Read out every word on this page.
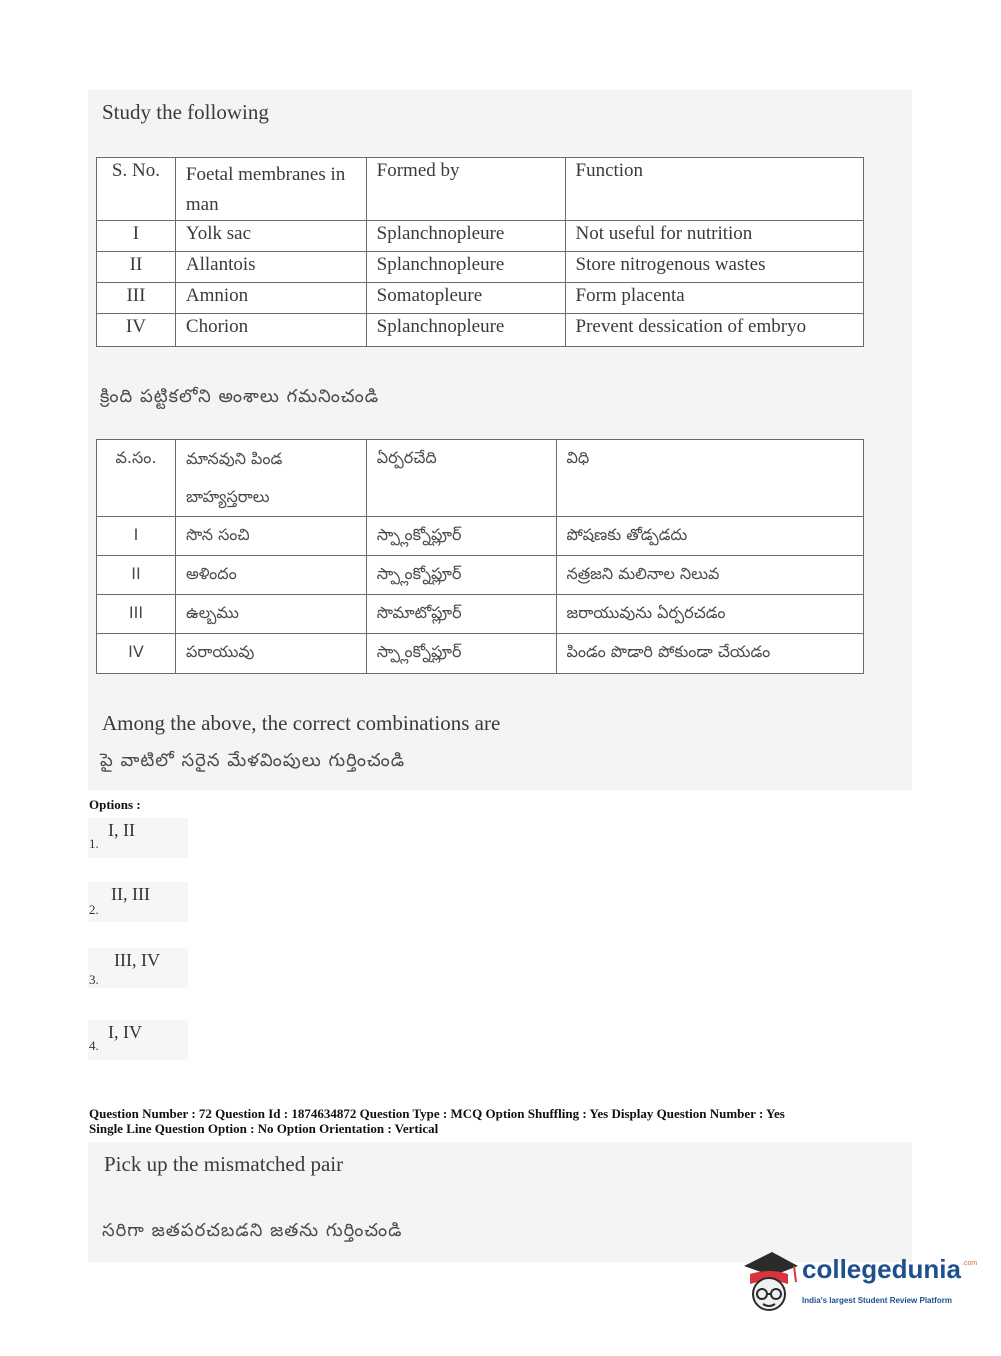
Study the following
S. No.	Foetal membranes in man	Formed by	Function
I	Yolk sac	Splanchnopleure	Not useful for nutrition
II	Allantois	Splanchnopleure	Store nitrogenous wastes
III	Amnion	Somatopleure	Form placenta
IV	Chorion	Splanchnopleure	Prevent dessication of embryo
క్రింది పట్టికలోని అంశాలు గమనించండి
వ.సం.	మానవుని పిండ బాహ్యస్తరాలు	ఏర్పరచేది	విధి
I	సొన సంచి	స్ప్లాంక్నోప్లూర్	పోషణకు తోడ్పడదు
II	అళిందం	స్ప్లాంక్నోప్లూర్	నత్రజని మలినాల నిలువ
III	ఉల్బము	సొమాటోప్లూర్	జరాయువును ఏర్పరచడం
IV	పరాయువు	స్ప్లాంక్నోప్లూర్	పిండం పొడారి పోకుండా చేయడం
Among the above, the correct combinations are
పై వాటిలో సరైన మేళవింపులు గుర్తించండి
Options :
1.
I, II
2.
II, III
3.
III, IV
4.
I, IV
Question Number : 72 Question Id : 1874634872 Question Type : MCQ Option Shuffling : Yes Display Question Number : Yes
Single Line Question Option : No Option Orientation : Vertical
Pick up the mismatched pair
సరిగా జతపరచబడని జతను గుర్తించండి
collegedunia .com
India's largest Student Review Platform
